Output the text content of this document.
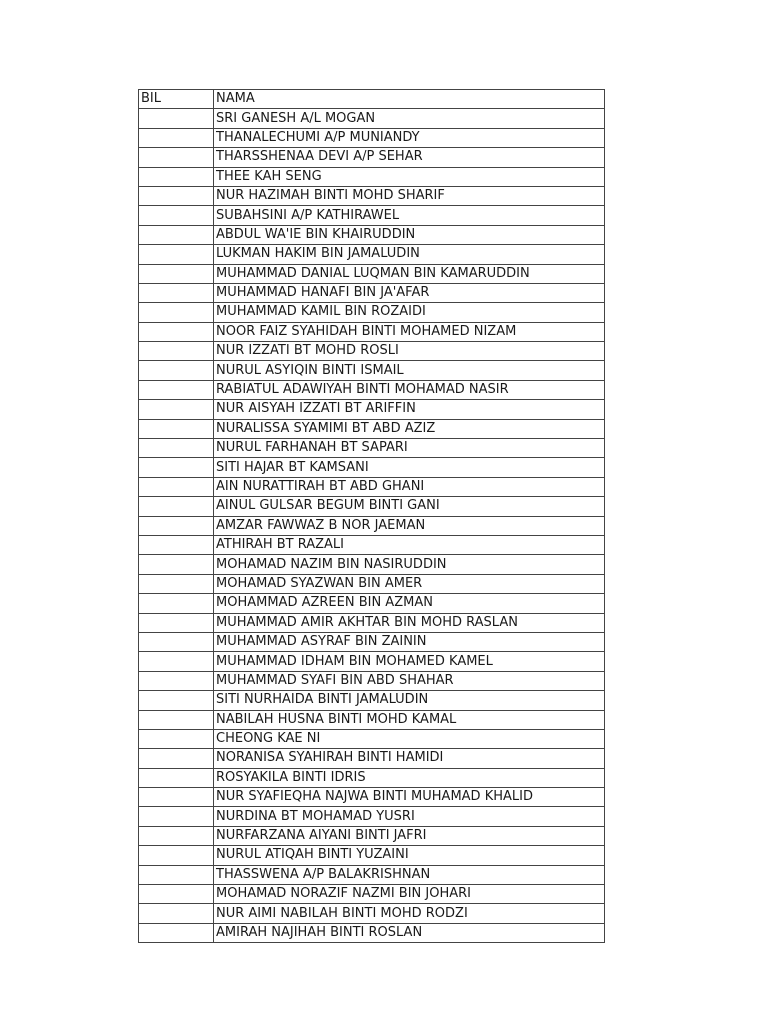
BIL	NAMA
	SRI GANESH A/L MOGAN
	THANALECHUMI A/P MUNIANDY
	THARSSHENAA DEVI A/P SEHAR
	THEE KAH SENG
	NUR HAZIMAH BINTI MOHD SHARIF
	SUBAHSINI A/P KATHIRAWEL
	ABDUL WA'IE BIN KHAIRUDDIN
	LUKMAN HAKIM BIN JAMALUDIN
	MUHAMMAD DANIAL LUQMAN BIN KAMARUDDIN
	MUHAMMAD HANAFI BIN JA'AFAR
	MUHAMMAD KAMIL BIN ROZAIDI
	NOOR FAIZ SYAHIDAH BINTI MOHAMED NIZAM
	NUR IZZATI BT MOHD ROSLI
	NURUL ASYIQIN BINTI ISMAIL
	RABIATUL ADAWIYAH BINTI MOHAMAD NASIR
	NUR AISYAH IZZATI BT ARIFFIN
	NURALISSA SYAMIMI BT ABD AZIZ
	NURUL FARHANAH BT SAPARI
	SITI HAJAR BT KAMSANI
	AIN NURATTIRAH BT ABD GHANI
	AINUL GULSAR BEGUM BINTI GANI
	AMZAR FAWWAZ B NOR JAEMAN
	ATHIRAH BT RAZALI
	MOHAMAD NAZIM BIN NASIRUDDIN
	MOHAMAD SYAZWAN BIN AMER
	MOHAMMAD AZREEN BIN AZMAN
	MUHAMMAD AMIR AKHTAR BIN MOHD RASLAN
	MUHAMMAD ASYRAF BIN ZAININ
	MUHAMMAD IDHAM BIN MOHAMED KAMEL
	MUHAMMAD SYAFI BIN ABD SHAHAR
	SITI NURHAIDA BINTI JAMALUDIN
	NABILAH HUSNA BINTI MOHD KAMAL
	CHEONG KAE NI
	NORANISA SYAHIRAH BINTI HAMIDI
	ROSYAKILA BINTI IDRIS
	NUR SYAFIEQHA NAJWA BINTI MUHAMAD KHALID
	NURDINA BT MOHAMAD YUSRI
	NURFARZANA AIYANI BINTI JAFRI
	NURUL ATIQAH BINTI YUZAINI
	THASSWENA A/P BALAKRISHNAN
	MOHAMAD NORAZIF NAZMI BIN JOHARI
	NUR AIMI NABILAH BINTI MOHD RODZI
	AMIRAH NAJIHAH BINTI ROSLAN
